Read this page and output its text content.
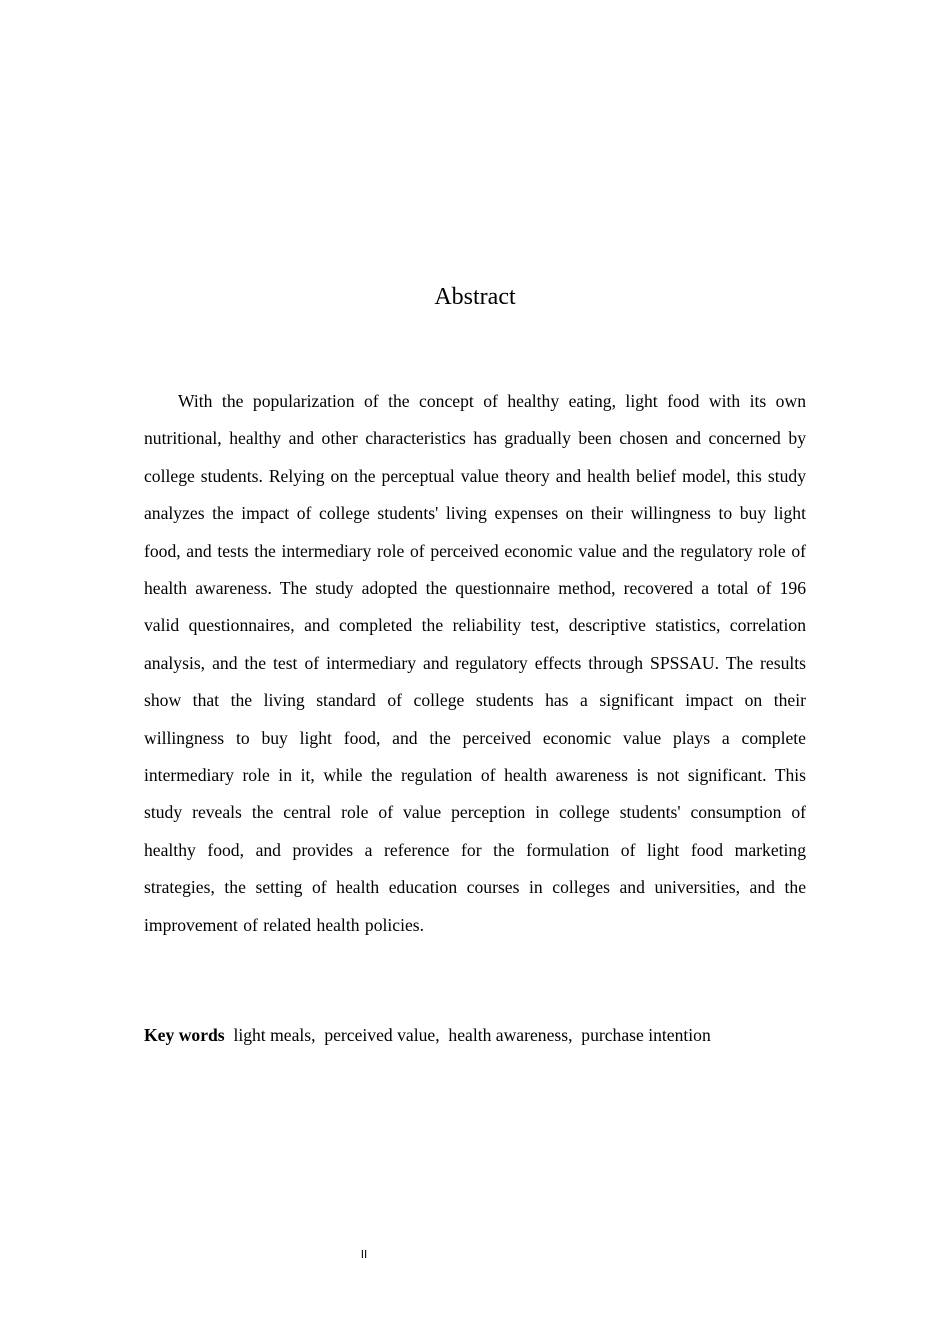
Abstract

With the popularization of the concept of healthy eating, light food with its own nutritional, healthy and other characteristics has gradually been chosen and concerned by college students. Relying on the perceptual value theory and health belief model, this study analyzes the impact of college students' living expenses on their willingness to buy light food, and tests the intermediary role of perceived economic value and the regulatory role of health awareness. The study adopted the questionnaire method, recovered a total of 196 valid questionnaires, and completed the reliability test, descriptive statistics, correlation analysis, and the test of intermediary and regulatory effects through SPSSAU. The results show that the living standard of college students has a significant impact on their willingness to buy light food, and the perceived economic value plays a complete intermediary role in it, while the regulation of health awareness is not significant. This study reveals the central role of value perception in college students' consumption of healthy food, and provides a reference for the formulation of light food marketing strategies, the setting of health education courses in colleges and universities, and the improvement of related health policies.

Key words light meals, perceived value, health awareness, purchase intention

II
